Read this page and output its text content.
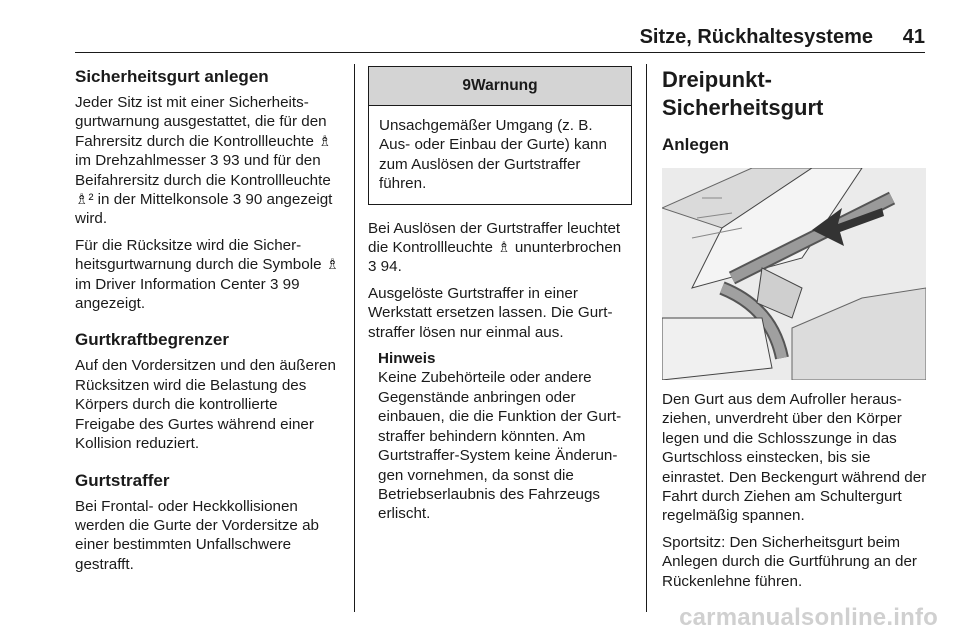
Sitze, Rückhaltesysteme 41
Sicherheitsgurt anlegen

Jeder Sitz ist mit einer Sicherheitsgurtwarnung ausgestattet, die für den Fahrersitz durch die Kontrollleuchte ♗ im Drehzahlmesser 3 93 und für den Beifahrersitz durch die Kontrollleuchte ♗² in der Mittelkonsole 3 90 angezeigt wird.

Für die Rücksitze wird die Sicherheitsgurtwarnung durch die Symbole ♗ im Driver Information Center 3 99 angezeigt.

Gurtkraftbegrenzer

Auf den Vordersitzen und den äußeren Rücksitzen wird die Belastung des Körpers durch die kontrollierte Freigabe des Gurtes während einer Kollision reduziert.

Gurtstraffer

Bei Frontal- oder Heckkollisionen werden die Gurte der Vordersitze ab einer bestimmten Unfallschwere gestrafft.

9Warnung
Unsachgemäßer Umgang (z. B. Aus- oder Einbau der Gurte) kann zum Auslösen der Gurtstraffer führen.

Bei Auslösen der Gurtstraffer leuchtet die Kontrollleuchte ♗ ununterbrochen 3 94.

Ausgelöste Gurtstraffer in einer Werkstatt ersetzen lassen. Die Gurtstraffer lösen nur einmal aus.

Hinweis
Keine Zubehörteile oder andere Gegenstände anbringen oder einbauen, die die Funktion der Gurtstraffer behindern könnten. Am Gurtstraffer-System keine Änderungen vornehmen, da sonst die Betriebserlaubnis des Fahrzeugs erlischt.
Dreipunkt-Sicherheitsgurt
Anlegen

Den Gurt aus dem Aufroller herausziehen, unverdreht über den Körper legen und die Schlosszunge in das Gurtschloss einstecken, bis sie einrastet. Den Beckengurt während der Fahrt durch Ziehen am Schultergurt regelmäßig spannen.

Sportsitz: Den Sicherheitsgurt beim Anlegen durch die Gurtführung an der Rückenlehne führen.

carmanualsonline.info
